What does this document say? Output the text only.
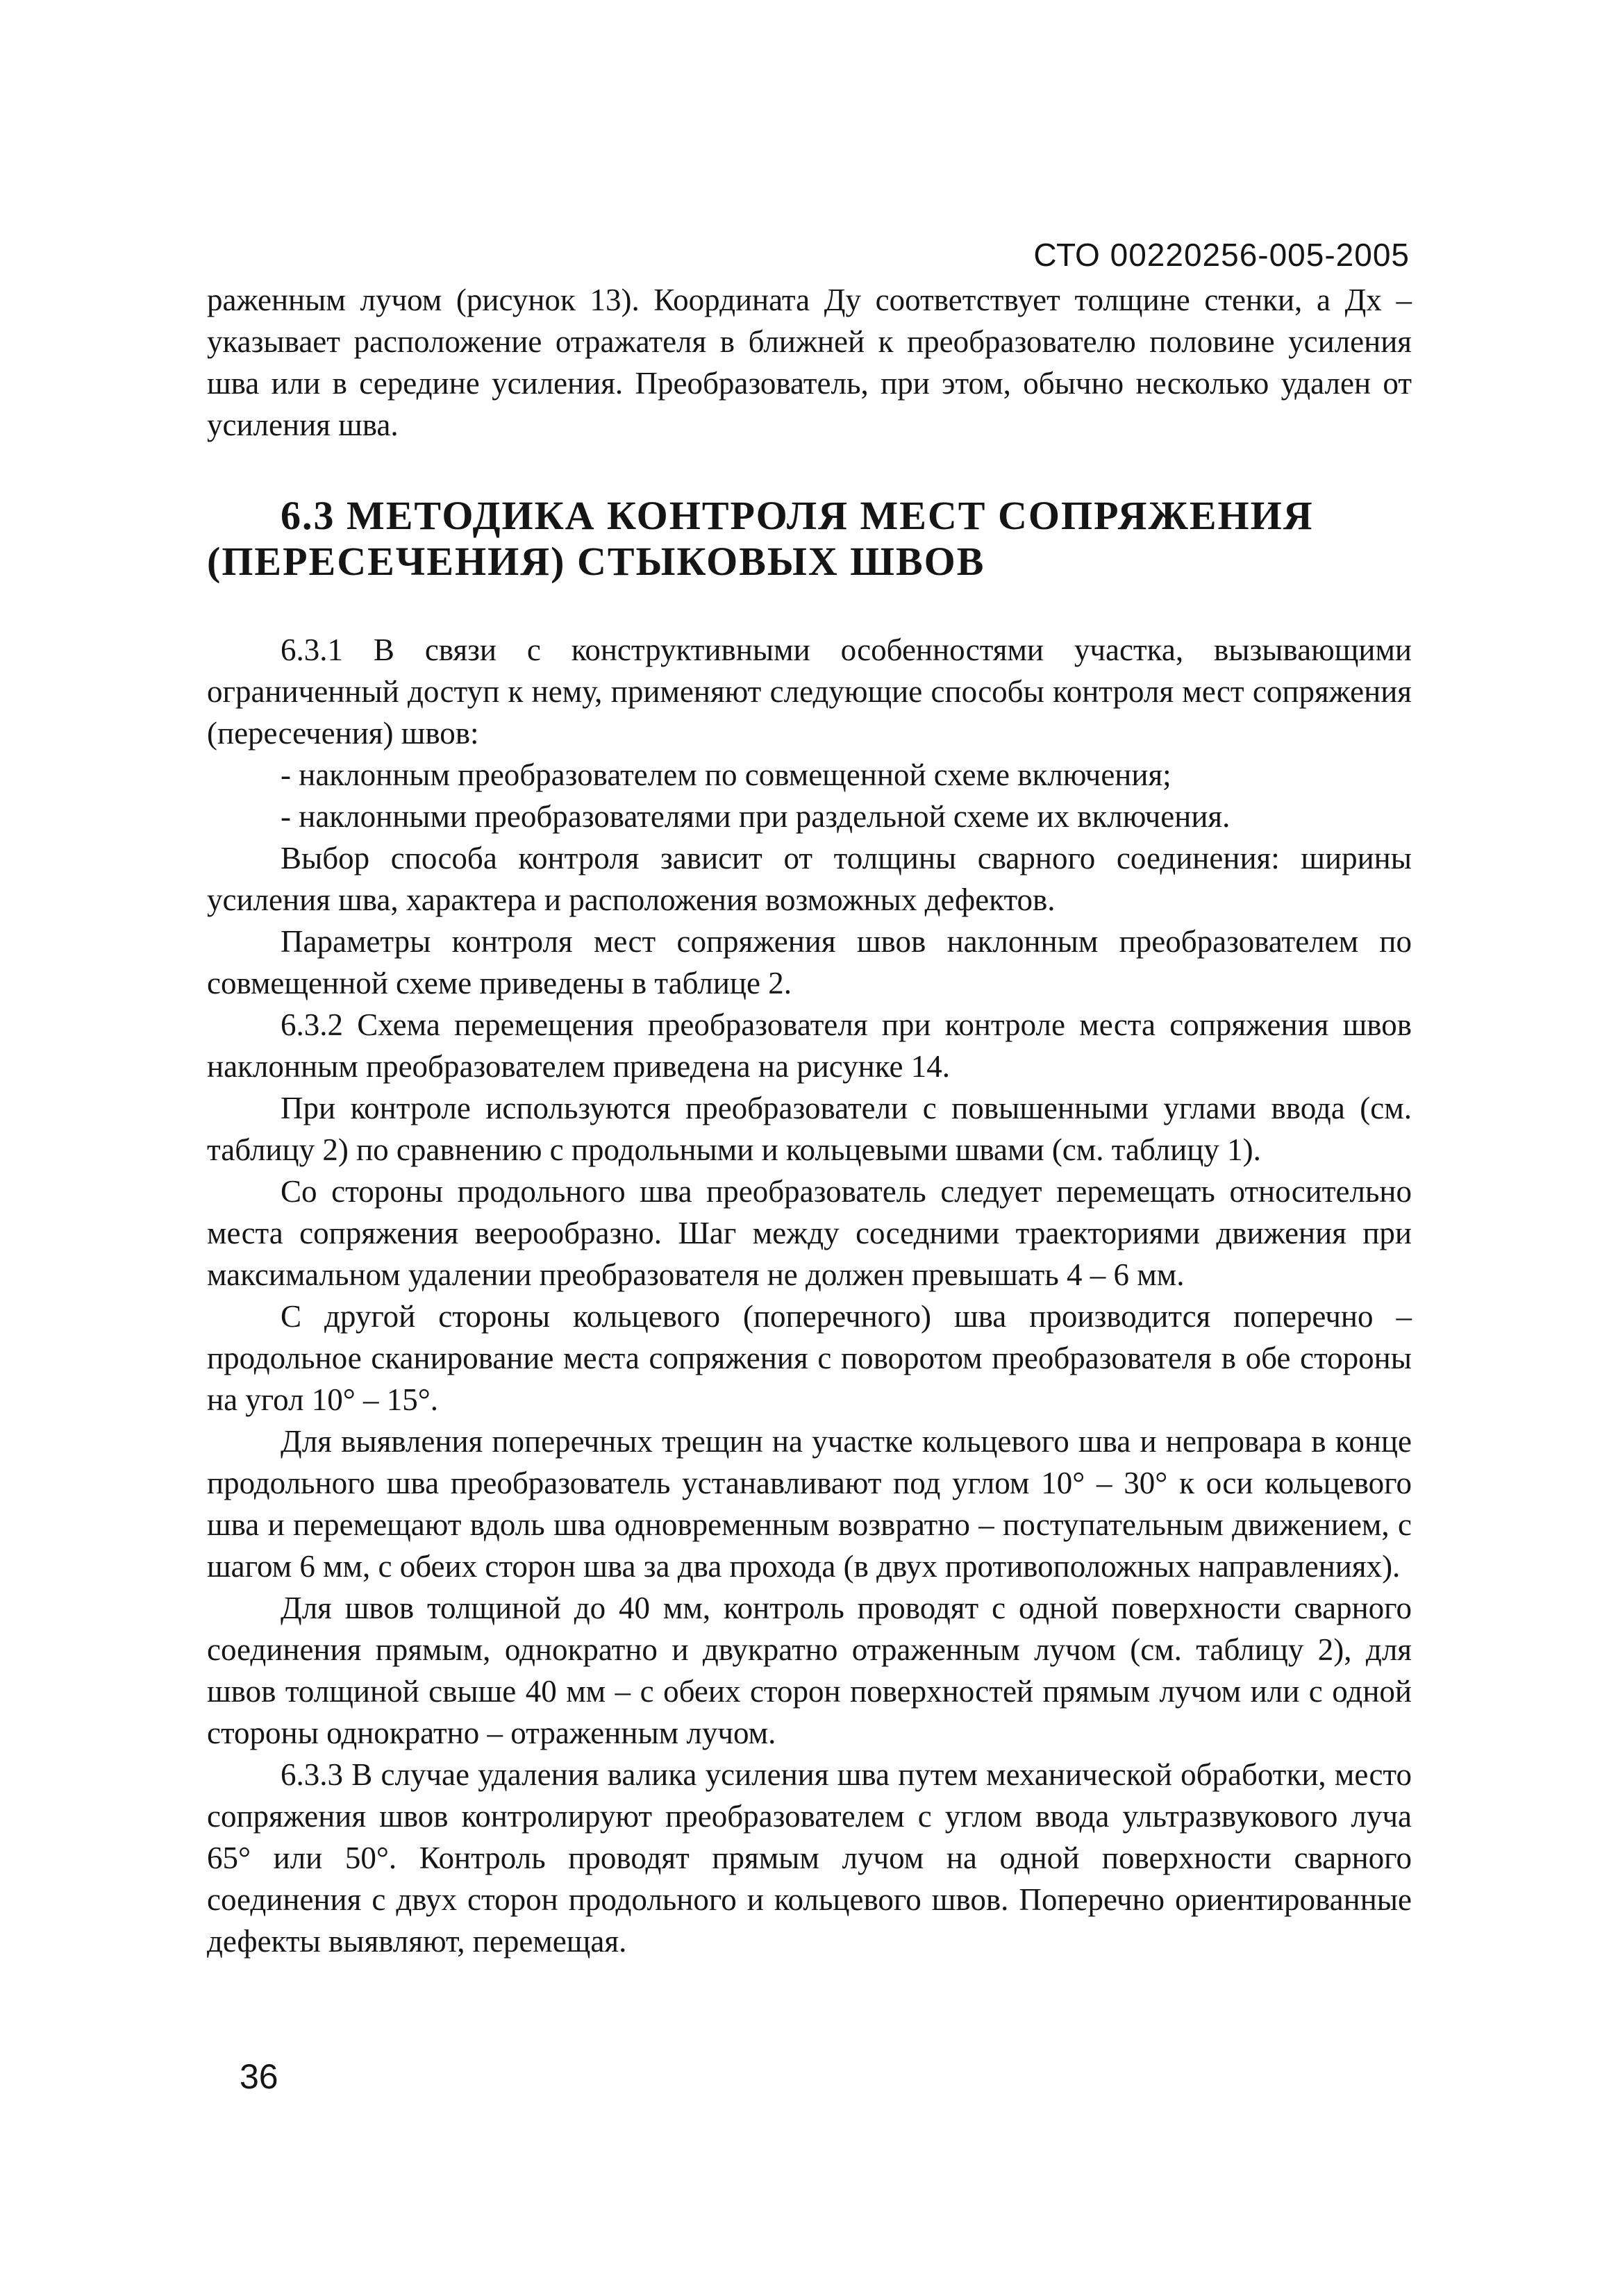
СТО 00220256-005-2005

раженным лучом (рисунок 13). Координата Ду соответствует толщине стенки, а Дх – указывает расположение отражателя в ближней к преобразователю половине усиления шва или в середине усиления. Преобразователь, при этом, обычно несколько удален от усиления шва.

6.3 МЕТОДИКА КОНТРОЛЯ МЕСТ СОПРЯЖЕНИЯ (ПЕРЕСЕЧЕНИЯ) СТЫКОВЫХ ШВОВ

6.3.1 В связи с конструктивными особенностями участка, вызывающими ограниченный доступ к нему, применяют следующие способы контроля мест сопряжения (пересечения) швов:

- наклонным преобразователем по совмещенной схеме включения;

- наклонными преобразователями при раздельной схеме их включения.

Выбор способа контроля зависит от толщины сварного соединения: ширины усиления шва, характера и расположения возможных дефектов.

Параметры контроля мест сопряжения швов наклонным преобразователем по совмещенной схеме приведены в таблице 2.

6.3.2 Схема перемещения преобразователя при контроле места сопряжения швов наклонным преобразователем приведена на рисунке 14.

При контроле используются преобразователи с повышенными углами ввода (см. таблицу 2) по сравнению с продольными и кольцевыми швами (см. таблицу 1).

Со стороны продольного шва преобразователь следует перемещать относительно места сопряжения веерообразно. Шаг между соседними траекториями движения при максимальном удалении преобразователя не должен превышать 4 – 6 мм.

С другой стороны кольцевого (поперечного) шва производится поперечно – продольное сканирование места сопряжения с поворотом преобразователя в обе стороны на угол 10° – 15°.

Для выявления поперечных трещин на участке кольцевого шва и непровара в конце продольного шва преобразователь устанавливают под углом 10° – 30° к оси кольцевого шва и перемещают вдоль шва одновременным возвратно – поступательным движением, с шагом 6 мм, с обеих сторон шва за два прохода (в двух противоположных направлениях).

Для швов толщиной до 40 мм, контроль проводят с одной поверхности сварного соединения прямым, однократно и двукратно отраженным лучом (см. таблицу 2), для швов толщиной свыше 40 мм – с обеих сторон поверхностей прямым лучом или с одной стороны однократно – отраженным лучом.

6.3.3 В случае удаления валика усиления шва путем механической обработки, место сопряжения швов контролируют преобразователем с углом ввода ультразвукового луча 65° или 50°. Контроль проводят прямым лучом на одной поверхности сварного соединения с двух сторон продольного и кольцевого швов. Поперечно ориентированные дефекты выявляют, перемещая.

36
